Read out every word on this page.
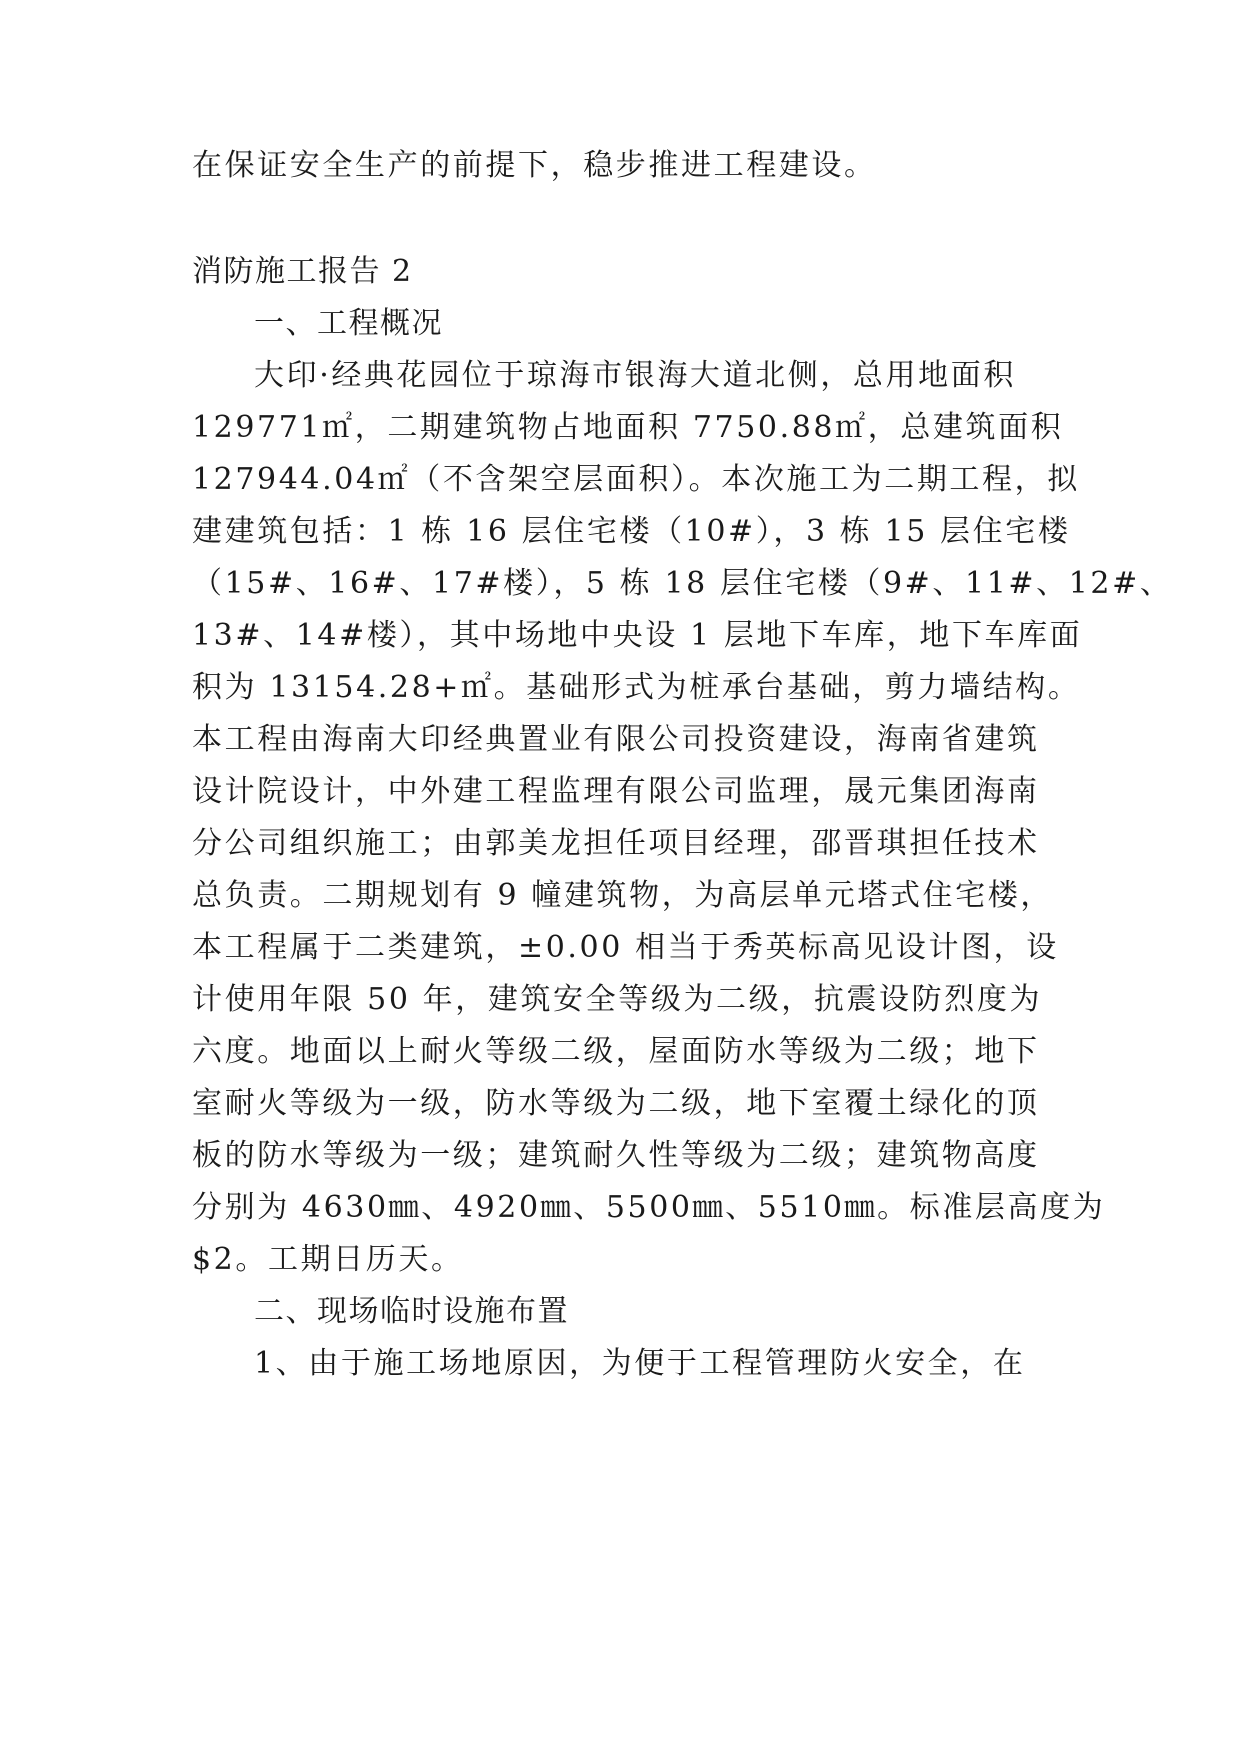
在保证安全生产的前提下，稳步推进工程建设。
消防施工报告 2
一、工程概况
大印·经典花园位于琼海市银海大道北侧，总用地面积
129771㎡，二期建筑物占地面积 7750.88㎡，总建筑面积
127944.04㎡（不含架空层面积）。本次施工为二期工程，拟
建建筑包括：1 栋 16 层住宅楼（10#），3 栋 15 层住宅楼
（15#、16#、17#楼），5 栋 18 层住宅楼（9#、11#、12#、
13#、14#楼），其中场地中央设 1 层地下车库，地下车库面
积为 13154.28+㎡。基础形式为桩承台基础，剪力墙结构。
本工程由海南大印经典置业有限公司投资建设，海南省建筑
设计院设计，中外建工程监理有限公司监理，晟元集团海南
分公司组织施工；由郭美龙担任项目经理，邵晋琪担任技术
总负责。二期规划有 9 幢建筑物，为高层单元塔式住宅楼，
本工程属于二类建筑，±0.00 相当于秀英标高见设计图，设
计使用年限 50 年，建筑安全等级为二级，抗震设防烈度为
六度。地面以上耐火等级二级，屋面防水等级为二级；地下
室耐火等级为一级，防水等级为二级，地下室覆土绿化的顶
板的防水等级为一级；建筑耐久性等级为二级；建筑物高度
分别为 4630㎜、4920㎜、5500㎜、5510㎜。标准层高度为
$2。工期日历天。
二、现场临时设施布置
1、由于施工场地原因，为便于工程管理防火安全，在
